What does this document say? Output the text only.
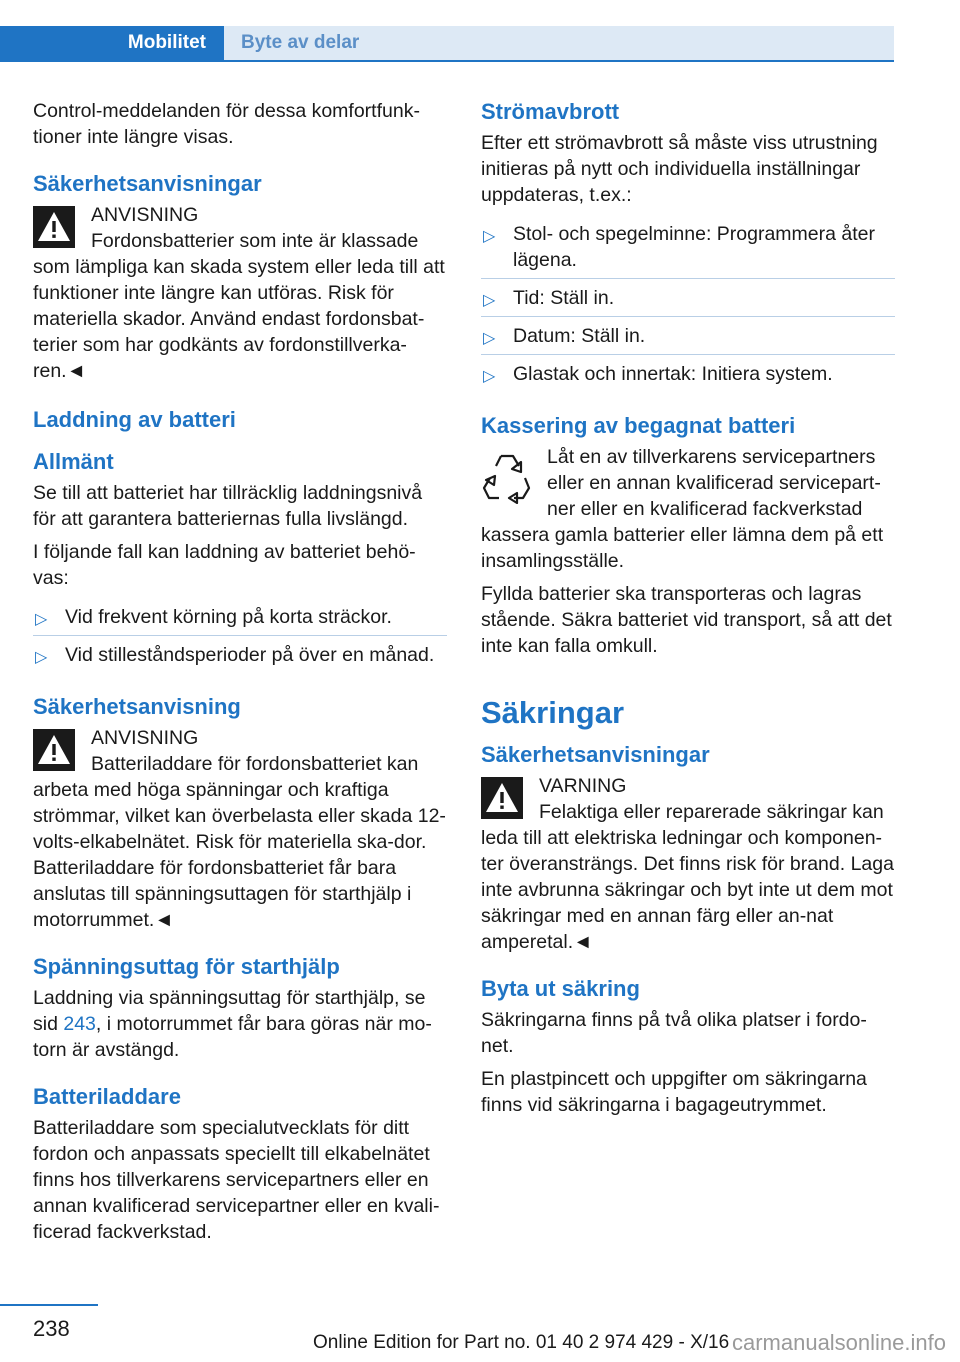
Mobilitet	Byte av delar

Control-meddelanden för dessa komfortfunk-tioner inte längre visas.

Säkerhetsanvisningar
ANVISNING
Fordonsbatterier som inte är klassade som lämpliga kan skada system eller leda till att funktioner inte längre kan utföras. Risk för materiella skador. Använd endast fordonsbat-terier som har godkänts av fordonstillverka-ren.◄
Laddning av batteri
Allmänt

Se till att batteriet har tillräcklig laddningsnivå för att garantera batteriernas fulla livslängd.

I följande fall kan laddning av batteriet behö-vas:

▷ Vid frekvent körning på korta sträckor.
▷ Vid stilleståndsperioder på över en månad.
Säkerhetsanvisning
ANVISNING
Batteriladdare för fordonsbatteriet kan arbeta med höga spänningar och kraftiga strömmar, vilket kan överbelasta eller skada 12-volts-elkabelnätet. Risk för materiella ska-dor. Batteriladdare för fordonsbatteriet får bara anslutas till spänningsuttagen för starthjälp i motorrummet.◄
Spänningsuttag för starthjälp

Laddning via spänningsuttag för starthjälp, se sid 243, i motorrummet får bara göras när mo-torn är avstängd.

Batteriladdare

Batteriladdare som specialutvecklats för ditt fordon och anpassats speciellt till elkabelnätet finns hos tillverkarens servicepartners eller en annan kvalificerad servicepartner eller en kvali-ficerad fackverkstad.

Strömavbrott

Efter ett strömavbrott så måste viss utrustning initieras på nytt och individuella inställningar uppdateras, t.ex.:

▷ Stol- och spegelminne: Programmera åter lägena.
▷ Tid: Ställ in.
▷ Datum: Ställ in.
▷ Glastak och innertak: Initiera system.
Kassering av begagnat batteri
Låt en av tillverkarens servicepartners eller en annan kvalificerad servicepart-ner eller en kvalificerad fackverkstad kassera gamla batterier eller lämna dem på ett insamlingsställe.

Fyllda batterier ska transporteras och lagras stående. Säkra batteriet vid transport, så att det inte kan falla omkull.

Säkringar
Säkerhetsanvisningar
VARNING
Felaktiga eller reparerade säkringar kan leda till att elektriska ledningar och komponen-ter överansträngs. Det finns risk för brand. Laga inte avbrunna säkringar och byt inte ut dem mot säkringar med en annan färg eller an-nat amperetal.◄
Byta ut säkring

Säkringarna finns på två olika platser i fordo-net.

En plastpincett och uppgifter om säkringarna finns vid säkringarna i bagageutrymmet.

238
Online Edition for Part no. 01 40 2 974 429 - X/16 carmanualsonline.info
